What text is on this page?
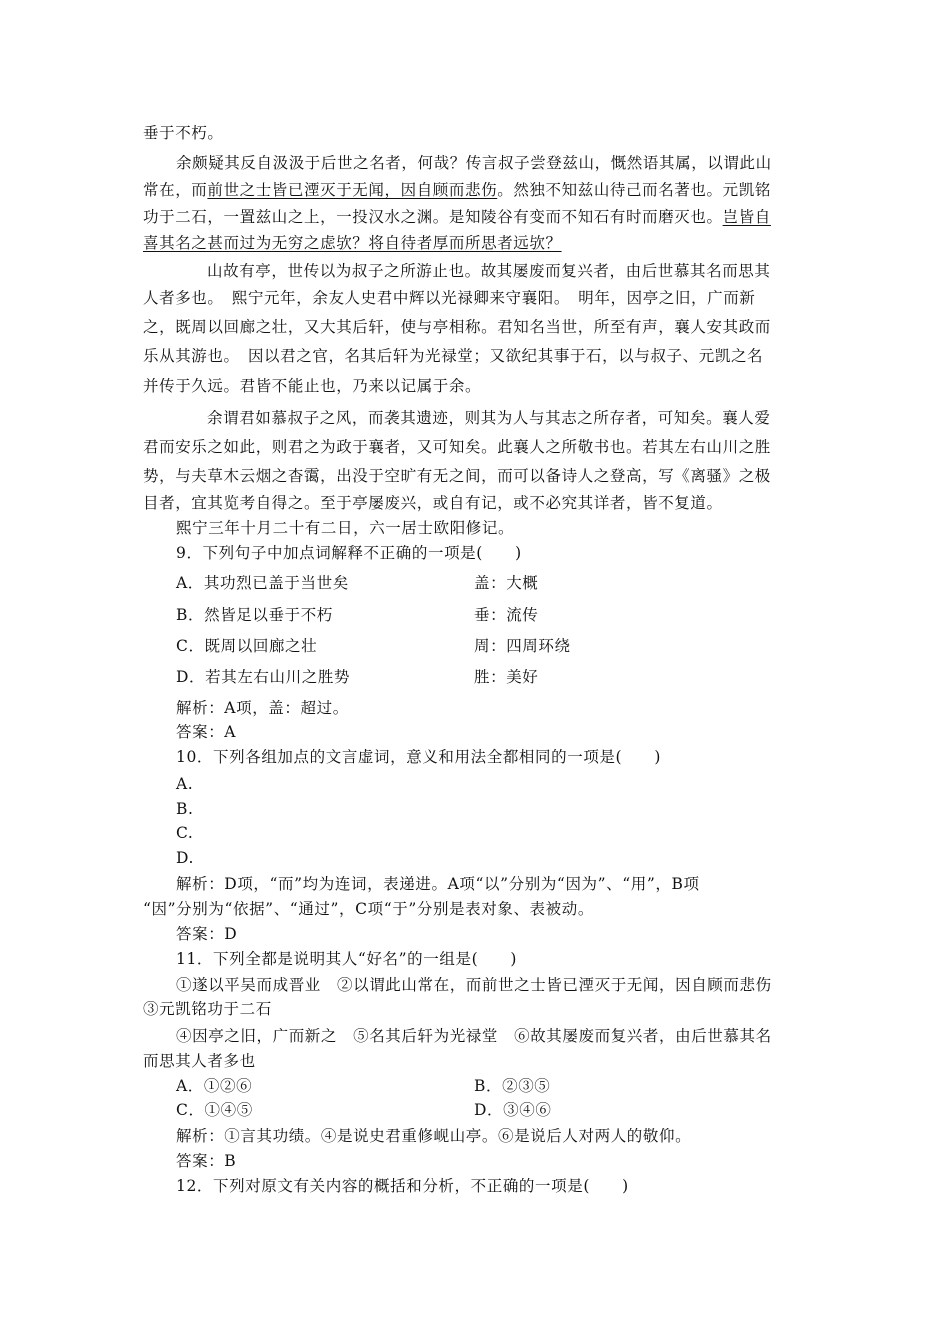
垂于不朽。
余颇疑其反自汲汲于后世之名者，何哉？传言叔子尝登兹山，慨然语其属，以谓此山
常在，而前世之士皆已湮灭于无闻，因自顾而悲伤。然独不知兹山待己而名著也。元凯铭
功于二石，一置兹山之上，一投汉水之渊。是知陵谷有变而不知石有时而磨灭也。岂皆自
喜其名之甚而过为无穷之虑欤？将自待者厚而所思者远欤？
山故有亭，世传以为叔子之所游止也。故其屡废而复兴者，由后世慕其名而思其
人者多也。　熙宁元年，余友人史君中辉以光禄卿来守襄阳。　明年，因亭之旧，广而新
之，既周以回廊之壮，又大其后轩，使与亭相称。君知名当世，所至有声，襄人安其政而
乐从其游也。　因以君之官，名其后轩为光禄堂；又欲纪其事于石，以与叔子、元凯之名
并传于久远。君皆不能止也，乃来以记属于余。
余谓君如慕叔子之风，而袭其遗迹，则其为人与其志之所存者，可知矣。襄人爱
君而安乐之如此，则君之为政于襄者，又可知矣。此襄人之所敬书也。若其左右山川之胜
势，与夫草木云烟之杳霭，出没于空旷有无之间，而可以备诗人之登高，写《离骚》之极
目者，宜其览考自得之。至于亭屡废兴，或自有记，或不必究其详者，皆不复道。
熙宁三年十月二十有二日，六一居士欧阳修记。
9．下列句子中加点词解释不正确的一项是(　　)
A．其功烈已盖于当世矣	盖：大概
B．然皆足以垂于不朽	垂：流传
C．既周以回廊之壮	周：四周环绕
D．若其左右山川之胜势	胜：美好
解析：A项，盖：超过。
答案：A
10．下列各组加点的文言虚词，意义和用法全都相同的一项是(　　)
A.
B.
C.
D.
解析：D项，“而”均为连词，表递进。A项“以”分别为“因为”、“用”，B项
“因”分别为“依据”、“通过”，C项“于”分别是表对象、表被动。
答案：D
11．下列全都是说明其人“好名”的一组是(　　)
①遂以平吴而成晋业　②以谓此山常在，而前世之士皆已湮灭于无闻，因自顾而悲伤
③元凯铭功于二石
④因亭之旧，广而新之　⑤名其后轩为光禄堂　⑥故其屡废而复兴者，由后世慕其名
而思其人者多也
A．①②⑥	B．②③⑤
C．①④⑤	D．③④⑥
解析：①言其功绩。④是说史君重修岘山亭。⑥是说后人对两人的敬仰。
答案：B
12．下列对原文有关内容的概括和分析，不正确的一项是(　　)
